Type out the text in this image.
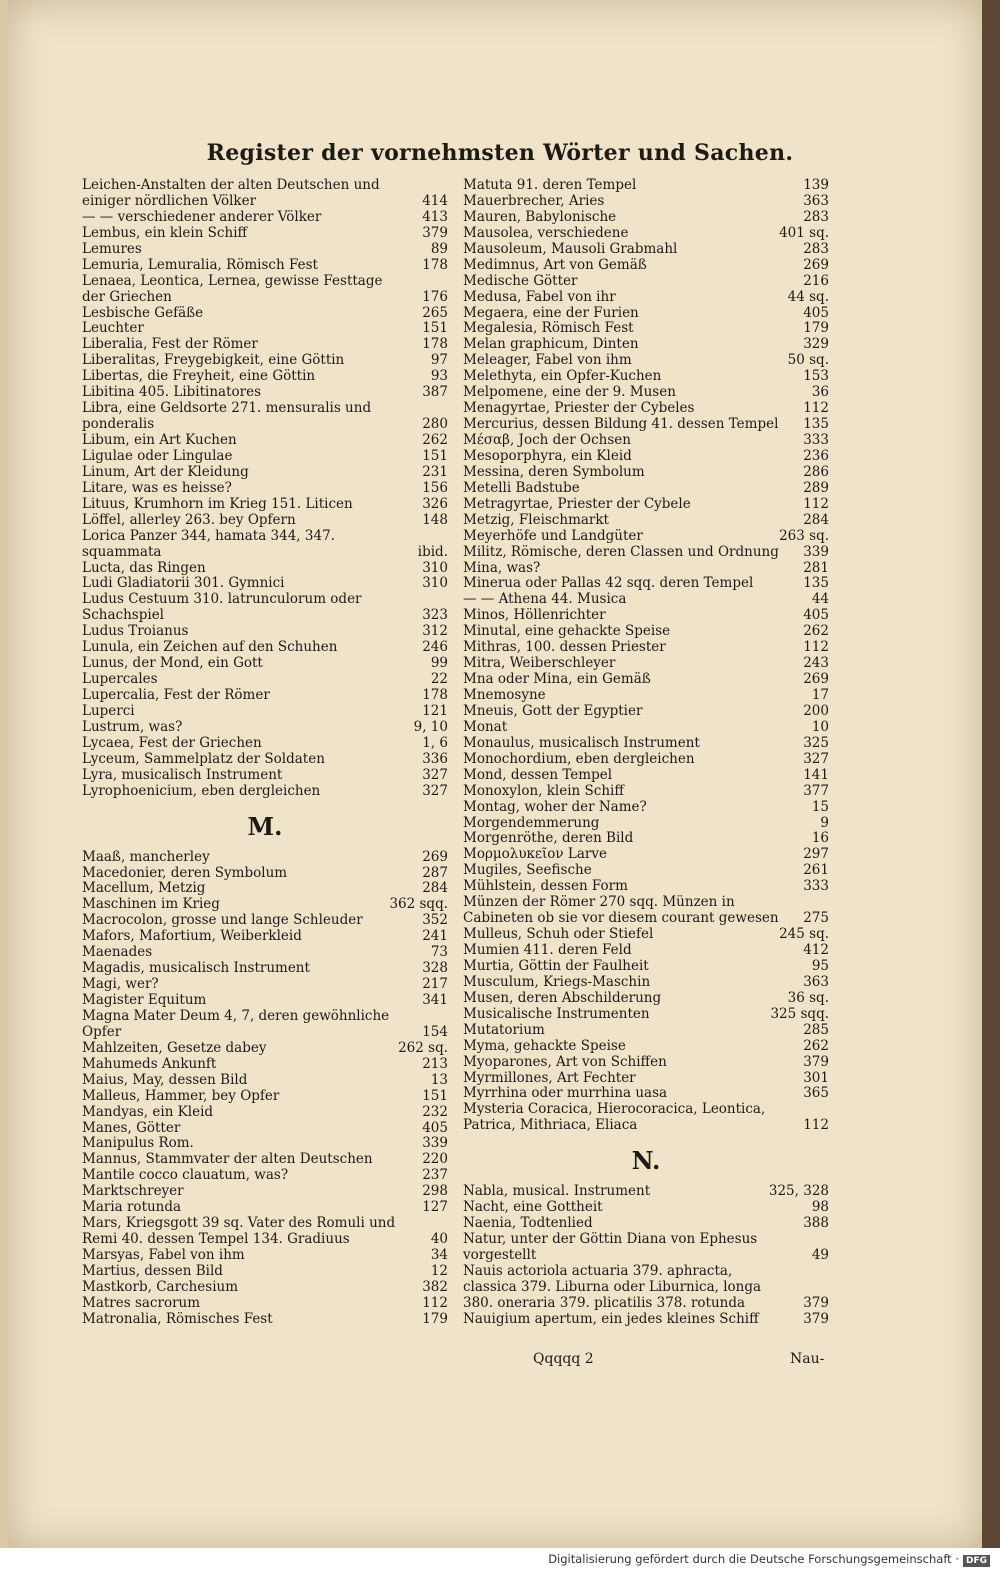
Register der vornehmsten Wörter und Sachen.
Leichen-Anstalten der alten Deutschen und einiger nördlichen Völker	414
— — verschiedener anderer Völker	413
Lembus, ein klein Schiff	379
Lemures	89
Lemuria, Lemuralia, Römisch Fest	178
Lenaea, Leontica, Lernea, gewisse Festtage der Griechen	176
Lesbische Gefäße	265
Leuchter	151
Liberalia, Fest der Römer	178
Liberalitas, Freygebigkeit, eine Göttin	97
Libertas, die Freyheit, eine Göttin	93
Libitina 405. Libitinatores	387
Libra, eine Geldsorte 271. mensuralis und ponderalis	280
Libum, ein Art Kuchen	262
Ligulae oder Lingulae	151
Linum, Art der Kleidung	231
Litare, was es heisse?	156
Lituus, Krumhorn im Krieg 151. Liticen	326
Löffel, allerley 263. bey Opfern	148
Lorica Panzer 344, hamata 344, 347. squammata	ibid.
Lucta, das Ringen	310
Ludi Gladiatorii 301. Gymnici	310
Ludus Cestuum 310. latrunculorum oder Schachspiel	323
Ludus Troianus	312
Lunula, ein Zeichen auf den Schuhen	246
Lunus, der Mond, ein Gott	99
Lupercales	22
Lupercalia, Fest der Römer	178
Luperci	121
Lustrum, was?	9, 10
Lycaea, Fest der Griechen	1, 6
Lyceum, Sammelplatz der Soldaten	336
Lyra, musicalisch Instrument	327
Lyrophoenicium, eben dergleichen	327
M.
Maaß, mancherley	269
Macedonier, deren Symbolum	287
Macellum, Metzig	284
Maschinen im Krieg	362 sqq.
Macrocolon, grosse und lange Schleuder	352
Mafors, Mafortium, Weiberkleid	241
Maenades	73
Magadis, musicalisch Instrument	328
Magi, wer?	217
Magister Equitum	341
Magna Mater Deum 4, 7, deren gewöhnliche Opfer	154
Mahlzeiten, Gesetze dabey	262 sq.
Mahumeds Ankunft	213
Maius, May, dessen Bild	13
Malleus, Hammer, bey Opfer	151
Mandyas, ein Kleid	232
Manes, Götter	405
Manipulus Rom.	339
Mannus, Stammvater der alten Deutschen	220
Mantile cocco clauatum, was?	237
Marktschreyer	298
Maria rotunda	127
Mars, Kriegsgott 39 sq. Vater des Romuli und Remi 40. dessen Tempel 134. Gradiuus	40
Marsyas, Fabel von ihm	34
Martius, dessen Bild	12
Mastkorb, Carchesium	382
Matres sacrorum	112
Matronalia, Römisches Fest	179
Matuta 91. deren Tempel	139
Mauerbrecher, Aries	363
Mauren, Babylonische	283
Mausolea, verschiedene	401 sq.
Mausoleum, Mausoli Grabmahl	283
Medimnus, Art von Gemäß	269
Medische Götter	216
Medusa, Fabel von ihr	44 sq.
Megaera, eine der Furien	405
Megalesia, Römisch Fest	179
Melan graphicum, Dinten	329
Meleager, Fabel von ihm	50 sq.
Melethyta, ein Opfer-Kuchen	153
Melpomene, eine der 9. Musen	36
Menagyrtae, Priester der Cybeles	112
Mercurius, dessen Bildung 41. dessen Tempel	135
Μέσαβ, Joch der Ochsen	333
Mesoporphyra, ein Kleid	236
Messina, deren Symbolum	286
Metelli Badstube	289
Metragyrtae, Priester der Cybele	112
Metzig, Fleischmarkt	284
Meyerhöfe und Landgüter	263 sq.
Militz, Römische, deren Classen und Ordnung	339
Mina, was?	281
Minerua oder Pallas 42 sqq. deren Tempel	135
— — Athena 44. Musica	44
Minos, Höllenrichter	405
Minutal, eine gehackte Speise	262
Mithras, 100. dessen Priester	112
Mitra, Weiberschleyer	243
Mna oder Mina, ein Gemäß	269
Mnemosyne	17
Mneuis, Gott der Egyptier	200
Monat	10
Monaulus, musicalisch Instrument	325
Monochordium, eben dergleichen	327
Mond, dessen Tempel	141
Monoxylon, klein Schiff	377
Montag, woher der Name?	15
Morgendemmerung	9
Morgenröthe, deren Bild	16
Μορμολυκεῖον Larve	297
Mugiles, Seefische	261
Mühlstein, dessen Form	333
Münzen der Römer 270 sqq. Münzen in Cabineten ob sie vor diesem courant gewesen	275
Mulleus, Schuh oder Stiefel	245 sq.
Mumien 411. deren Feld	412
Murtia, Göttin der Faulheit	95
Musculum, Kriegs-Maschin	363
Musen, deren Abschilderung	36 sq.
Musicalische Instrumenten	325 sqq.
Mutatorium	285
Myma, gehackte Speise	262
Myoparones, Art von Schiffen	379
Myrmillones, Art Fechter	301
Myrrhina oder murrhina uasa	365
Mysteria Coracica, Hierocoracica, Leontica, Patrica, Mithriaca, Eliaca	112
N.
Nabla, musical. Instrument	325, 328
Nacht, eine Gottheit	98
Naenia, Todtenlied	388
Natur, unter der Göttin Diana von Ephesus vorgestellt	49
Nauis actoriola actuaria 379. aphracta, classica 379. Liburna oder Liburnica, longa 380. oneraria 379. plicatilis 378. rotunda	379
Nauigium apertum, ein jedes kleines Schiff	379
Qqqqq 2	Nau-
Digitalisierung gefördert durch die Deutsche Forschungsgemeinschaft · DFG
